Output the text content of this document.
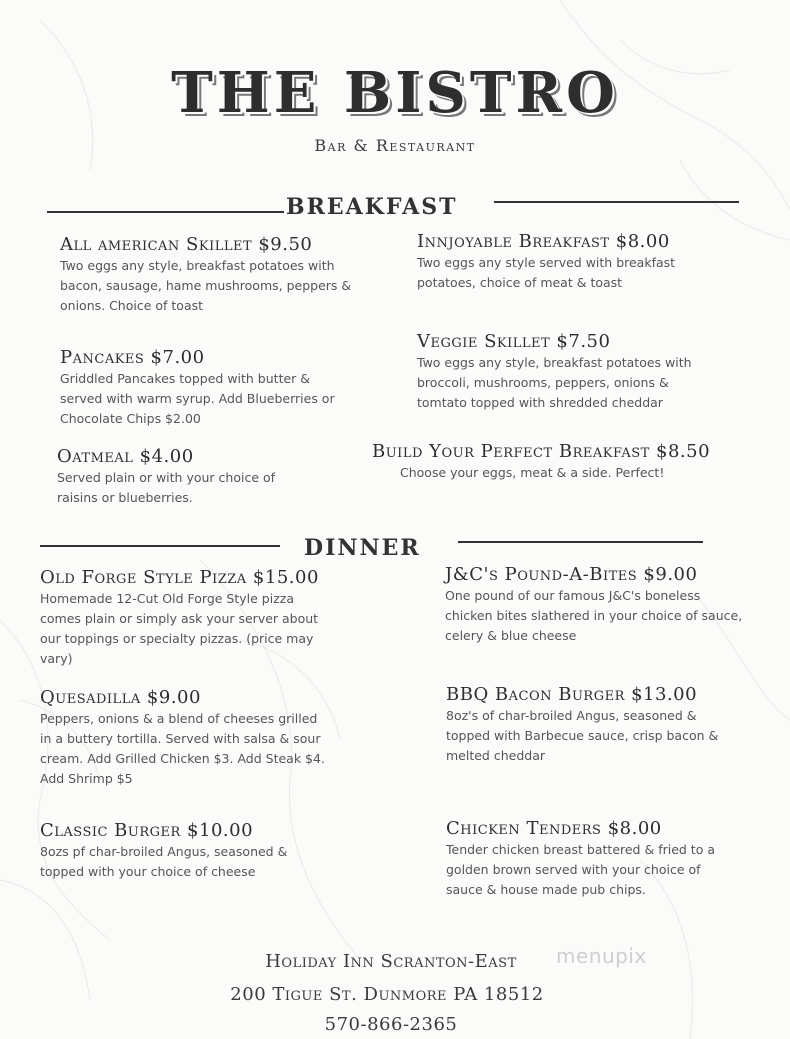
THE BISTRO
Bar & Restaurant
BREAKFAST
All american Skillet $9.50
Two eggs any style, breakfast potatoes with bacon, sausage, hame mushrooms, peppers & onions. Choice of toast
Pancakes $7.00
Griddled Pancakes topped with butter & served with warm syrup. Add Blueberries or Chocolate Chips $2.00
Oatmeal $4.00
Served plain or with your choice of raisins or blueberries.
Innjoyable Breakfast $8.00
Two eggs any style served with breakfast potatoes, choice of meat & toast
Veggie Skillet $7.50
Two eggs any style, breakfast potatoes with broccoli, mushrooms, peppers, onions & tomtato topped with shredded cheddar
Build Your Perfect Breakfast $8.50
Choose your eggs, meat & a side. Perfect!
DINNER
Old Forge Style Pizza $15.00
Homemade 12-Cut Old Forge Style pizza comes plain or simply ask your server about our toppings or specialty pizzas. (price may vary)
Quesadilla $9.00
Peppers, onions & a blend of cheeses grilled in a buttery tortilla. Served with salsa & sour cream. Add Grilled Chicken $3. Add Steak $4. Add Shrimp $5
Classic Burger $10.00
8ozs pf char-broiled Angus, seasoned & topped with your choice of cheese
J&C's Pound-A-Bites $9.00
One pound of our famous J&C's boneless chicken bites slathered in your choice of sauce, celery & blue cheese
BBQ Bacon Burger $13.00
8oz's of char-broiled Angus, seasoned & topped with Barbecue sauce, crisp bacon & melted cheddar
Chicken Tenders $8.00
Tender chicken breast battered & fried to a golden brown served with your choice of sauce & house made pub chips.
Holiday Inn Scranton-East
200 Tigue St. Dunmore PA 18512
570-866-2365
menupix
